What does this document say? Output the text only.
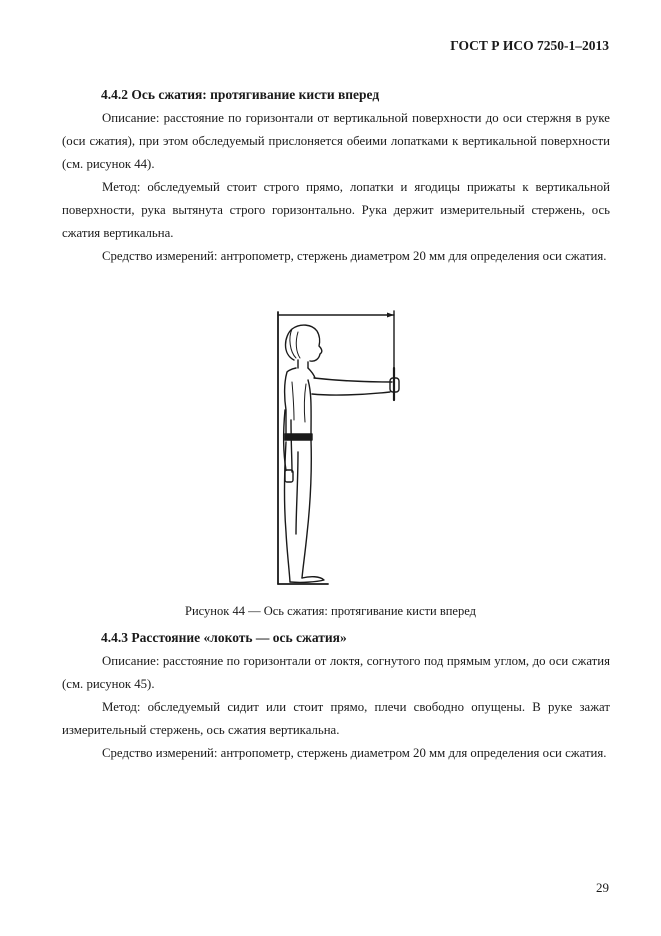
ГОСТ Р ИСО 7250-1–2013
4.4.2 Ось сжатия: протягивание кисти вперед

Описание: расстояние по горизонтали от вертикальной поверхности до оси стержня в руке (оси сжатия), при этом обследуемый прислоняется обеими лопатками к вертикальной поверхности (см. рисунок 44).

Метод: обследуемый стоит строго прямо, лопатки и ягодицы прижаты к вертикальной поверхности, рука вытянута строго горизонтально. Рука держит измерительный стержень, ось сжатия вертикальна.

Средство измерений: антропометр, стержень диаметром 20 мм для определения оси сжатия.

Рисунок 44 — Ось сжатия: протягивание кисти вперед
4.4.3 Расстояние «локоть — ось сжатия»

Описание: расстояние по горизонтали от локтя, согнутого под прямым углом, до оси сжатия (см. рисунок 45).

Метод: обследуемый сидит или стоит прямо, плечи свободно опущены. В руке зажат измерительный стержень, ось сжатия вертикальна.

Средство измерений: антропометр, стержень диаметром 20 мм для определения оси сжатия.

29
